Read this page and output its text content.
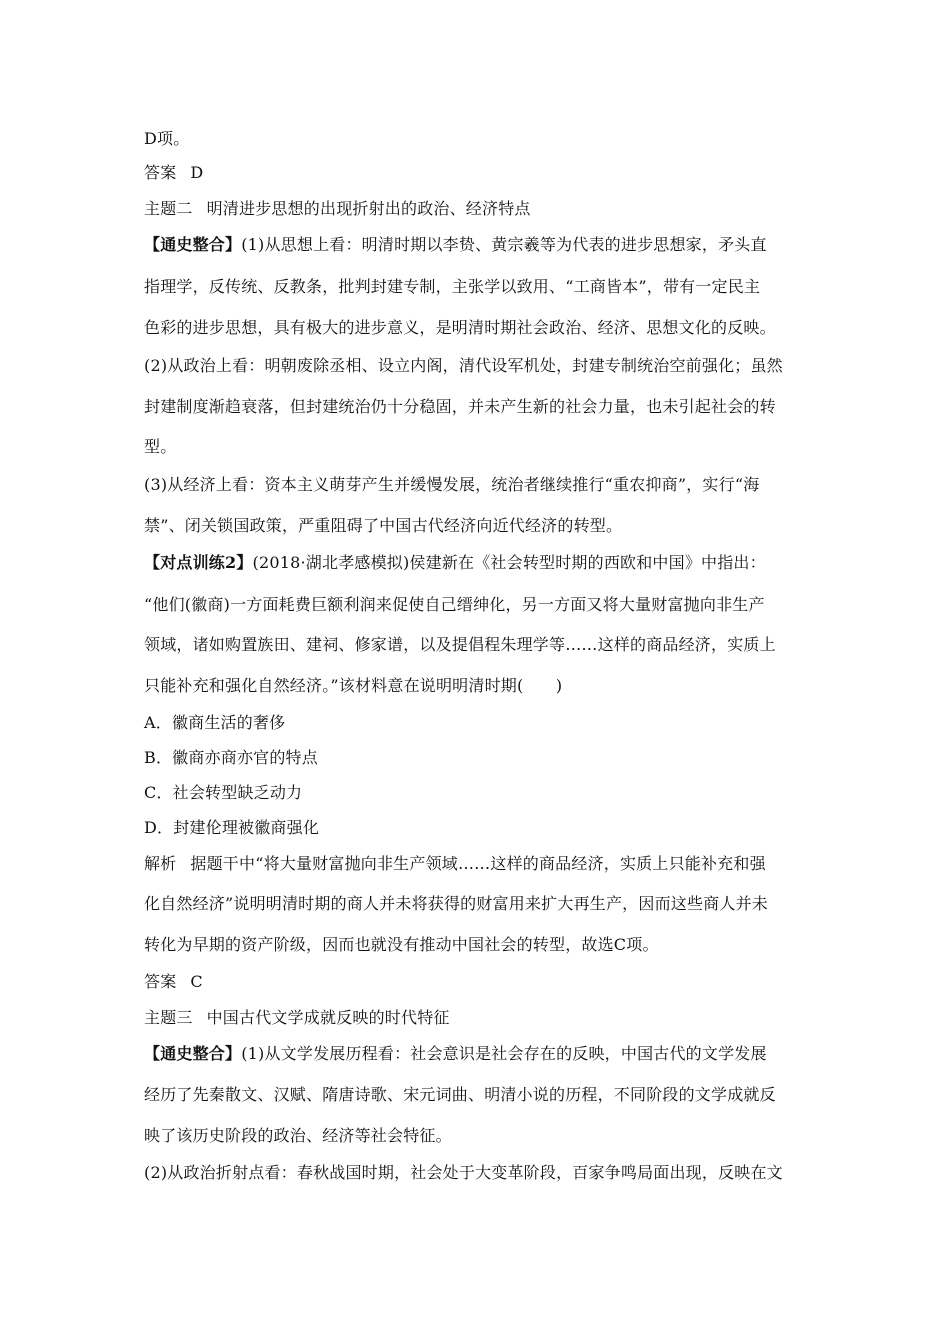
D项。
答案 D
主题二 明清进步思想的出现折射出的政治、经济特点
【通史整合】(1)从思想上看：明清时期以李贽、黄宗羲等为代表的进步思想家，矛头直
指理学，反传统、反教条，批判封建专制，主张学以致用、“工商皆本”，带有一定民主
色彩的进步思想，具有极大的进步意义，是明清时期社会政治、经济、思想文化的反映。
(2)从政治上看：明朝废除丞相、设立内阁，清代设军机处，封建专制统治空前强化；虽然
封建制度渐趋衰落，但封建统治仍十分稳固，并未产生新的社会力量，也未引起社会的转
型。
(3)从经济上看：资本主义萌芽产生并缓慢发展，统治者继续推行“重农抑商”，实行“海
禁”、闭关锁国政策，严重阻碍了中国古代经济向近代经济的转型。
【对点训练2】(2018·湖北孝感模拟)侯建新在《社会转型时期的西欧和中国》中指出：
“他们(徽商)一方面耗费巨额利润来促使自己缙绅化，另一方面又将大量财富抛向非生产
领域，诸如购置族田、建祠、修家谱，以及提倡程朱理学等……这样的商品经济，实质上
只能补充和强化自然经济。”该材料意在说明明清时期(　　)
A．徽商生活的奢侈
B．徽商亦商亦官的特点
C．社会转型缺乏动力
D．封建伦理被徽商强化
解析 据题干中“将大量财富抛向非生产领域……这样的商品经济，实质上只能补充和强
化自然经济”说明明清时期的商人并未将获得的财富用来扩大再生产，因而这些商人并未
转化为早期的资产阶级，因而也就没有推动中国社会的转型，故选C项。
答案 C
主题三 中国古代文学成就反映的时代特征
【通史整合】(1)从文学发展历程看：社会意识是社会存在的反映，中国古代的文学发展
经历了先秦散文、汉赋、隋唐诗歌、宋元词曲、明清小说的历程，不同阶段的文学成就反
映了该历史阶段的政治、经济等社会特征。
(2)从政治折射点看：春秋战国时期，社会处于大变革阶段，百家争鸣局面出现，反映在文
